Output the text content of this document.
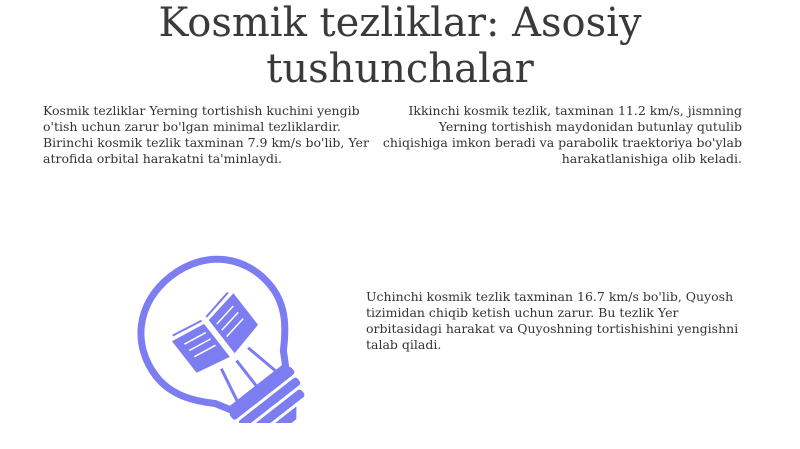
Kosmik tezliklar: Asosiy tushunchalar

Kosmik tezliklar Yerning tortishish kuchini yengib o'tish uchun zarur bo'lgan minimal tezliklardir. Birinchi kosmik tezlik taxminan 7.9 km/s bo'lib, Yer atrofida orbital harakatni ta'minlaydi.

Ikkinchi kosmik tezlik, taxminan 11.2 km/s, jismning Yerning tortishish maydonidan butunlay qutulib chiqishiga imkon beradi va parabolik traektoriya bo'ylab harakatlanishiga olib keladi.

Uchinchi kosmik tezlik taxminan 16.7 km/s bo'lib, Quyosh tizimidan chiqib ketish uchun zarur. Bu tezlik Yer orbitasidagi harakat va Quyoshning tortishishini yengishni talab qiladi.
